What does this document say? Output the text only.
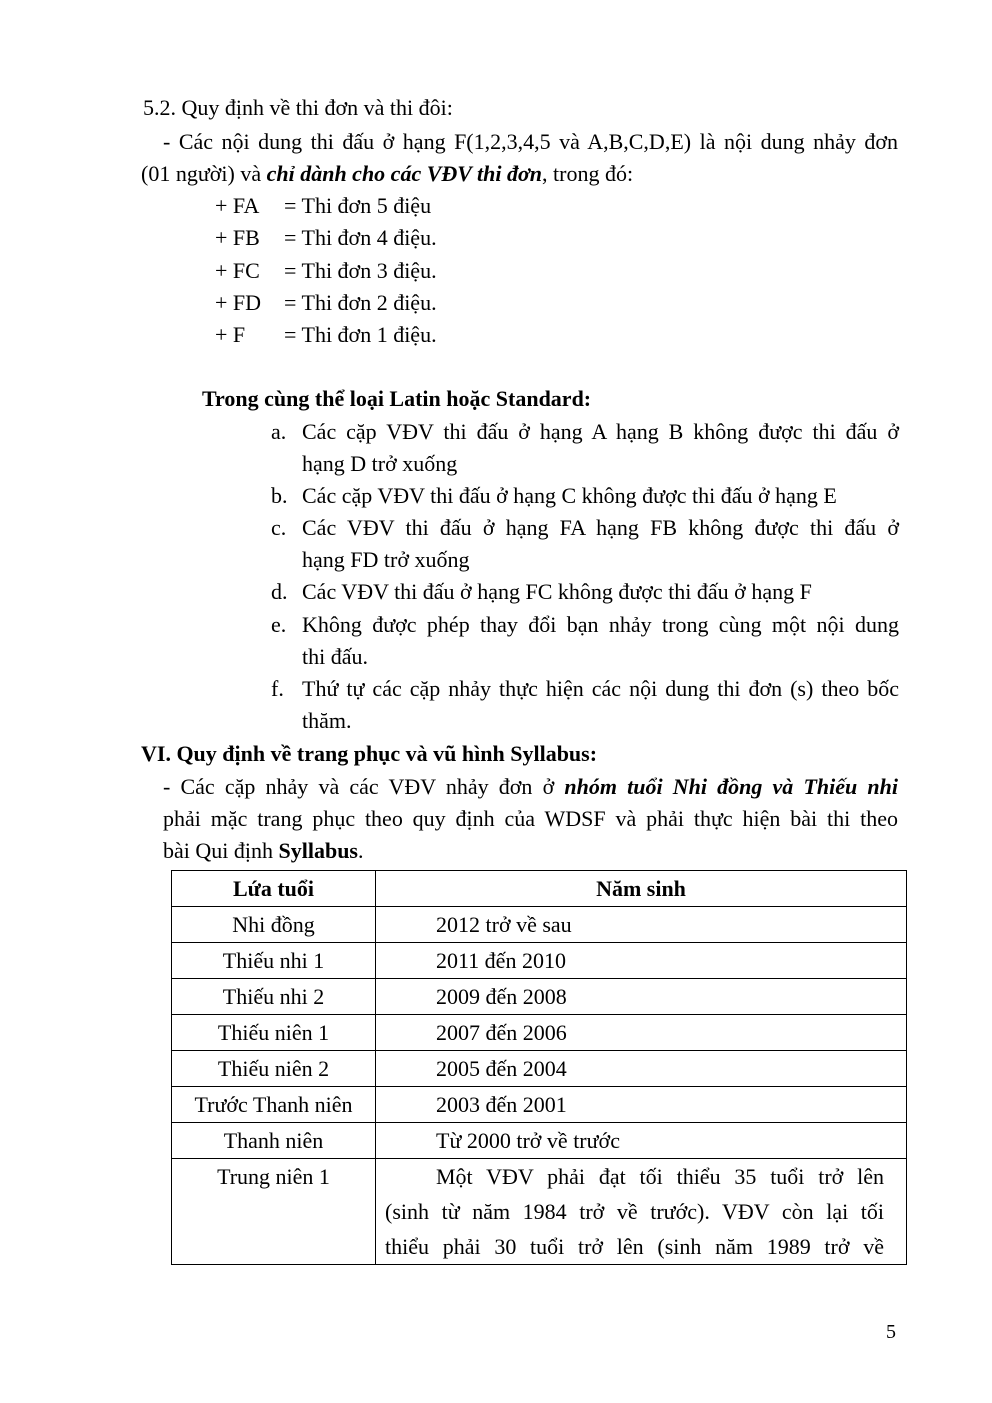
5.2. Quy định về thi đơn và thi đôi:
- Các nội dung thi đấu ở hạng F(1,2,3,4,5 và A,B,C,D,E) là nội dung nhảy đơn
(01 người) và chỉ dành cho các VĐV thi đơn, trong đó:
+ FA = Thi đơn 5 điệu
+ FB = Thi đơn 4 điệu.
+ FC = Thi đơn 3 điệu.
+ FD = Thi đơn 2 điệu.
+ F = Thi đơn 1 điệu.
Trong cùng thể loại Latin hoặc Standard:
a. Các cặp VĐV thi đấu ở hạng A hạng B không được thi đấu ở
hạng D trở xuống
b. Các cặp VĐV thi đấu ở hạng C không được thi đấu ở hạng E
c. Các VĐV thi đấu ở hạng FA hạng FB không được thi đấu ở
hạng FD trở xuống
d. Các VĐV thi đấu ở hạng FC không được thi đấu ở hạng F
e. Không được phép thay đổi bạn nhảy trong cùng một nội dung
thi đấu.
f. Thứ tự các cặp nhảy thực hiện các nội dung thi đơn (s) theo bốc
thăm.
VI. Quy định về trang phục và vũ hình Syllabus:
- Các cặp nhảy và các VĐV nhảy đơn ở nhóm tuổi Nhi đồng và Thiếu nhi
phải mặc trang phục theo quy định của WDSF và phải thực hiện bài thi theo
bài Qui định Syllabus.
Lứa tuổi	Năm sinh
Nhi đồng	2012 trở về sau
Thiếu nhi 1	2011 đến 2010
Thiếu nhi 2	2009 đến 2008
Thiếu niên 1	2007 đến 2006
Thiếu niên 2	2005 đến 2004
Trước Thanh niên	2003 đến 2001
Thanh niên	Từ 2000 trở về trước
Trung niên 1	Một VĐV phải đạt tối thiểu 35 tuổi trở lên
(sinh từ năm 1984 trở về trước). VĐV còn lại tối
thiểu phải 30 tuổi trở lên (sinh năm 1989 trở về
5
